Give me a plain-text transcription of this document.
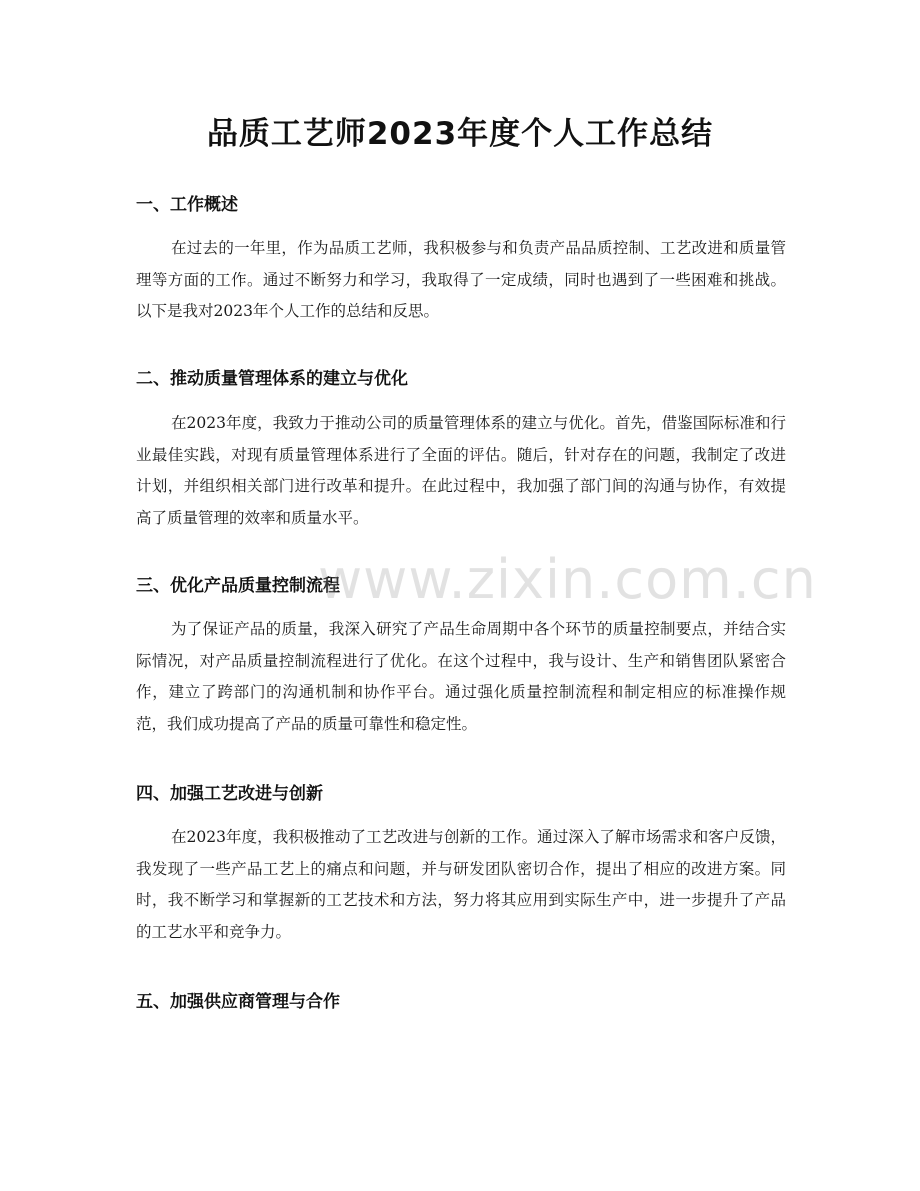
品质工艺师2023年度个人工作总结
一、工作概述

在过去的一年里，作为品质工艺师，我积极参与和负责产品品质控制、工艺改进和质量管理等方面的工作。通过不断努力和学习，我取得了一定成绩，同时也遇到了一些困难和挑战。以下是我对2023年个人工作的总结和反思。

二、推动质量管理体系的建立与优化

在2023年度，我致力于推动公司的质量管理体系的建立与优化。首先，借鉴国际标准和行业最佳实践，对现有质量管理体系进行了全面的评估。随后，针对存在的问题，我制定了改进计划，并组织相关部门进行改革和提升。在此过程中，我加强了部门间的沟通与协作，有效提高了质量管理的效率和质量水平。

三、优化产品质量控制流程

为了保证产品的质量，我深入研究了产品生命周期中各个环节的质量控制要点，并结合实际情况，对产品质量控制流程进行了优化。在这个过程中，我与设计、生产和销售团队紧密合作，建立了跨部门的沟通机制和协作平台。通过强化质量控制流程和制定相应的标准操作规范，我们成功提高了产品的质量可靠性和稳定性。

四、加强工艺改进与创新

在2023年度，我积极推动了工艺改进与创新的工作。通过深入了解市场需求和客户反馈，我发现了一些产品工艺上的痛点和问题，并与研发团队密切合作，提出了相应的改进方案。同时，我不断学习和掌握新的工艺技术和方法，努力将其应用到实际生产中，进一步提升了产品的工艺水平和竞争力。

五、加强供应商管理与合作
www.zixin.com.cn
